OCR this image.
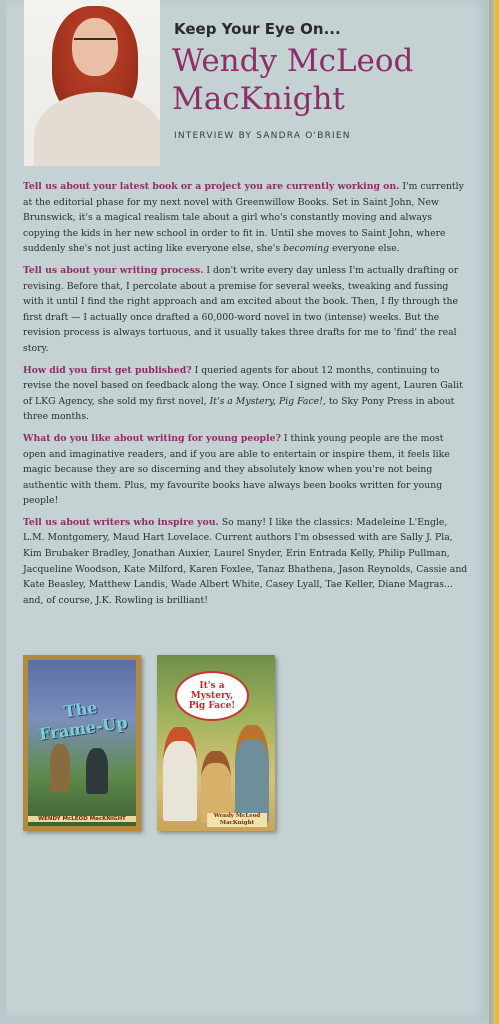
Keep Your Eye On...
Wendy McLeod
MacKnight
INTERVIEW BY SANDRA O'BRIEN

Tell us about your latest book or a project you are currently working on. I'm currently at the editorial phase for my next novel with Greenwillow Books. Set in Saint John, New Brunswick, it's a magical realism tale about a girl who's constantly moving and always copying the kids in her new school in order to fit in. Until she moves to Saint John, where suddenly she's not just acting like everyone else, she's becoming everyone else.

Tell us about your writing process. I don't write every day unless I'm actually drafting or revising. Before that, I percolate about a premise for several weeks, tweaking and fussing with it until I find the right approach and am excited about the book. Then, I fly through the first draft — I actually once drafted a 60,000-word novel in two (intense) weeks. But the revision process is always tortuous, and it usually takes three drafts for me to 'find' the real story.

How did you first get published? I queried agents for about 12 months, continuing to revise the novel based on feedback along the way. Once I signed with my agent, Lauren Galit of LKG Agency, she sold my first novel, It's a Mystery, Pig Face!, to Sky Pony Press in about three months.

What do you like about writing for young people? I think young people are the most open and imaginative readers, and if you are able to entertain or inspire them, it feels like magic because they are so discerning and they absolutely know when you're not being authentic with them. Plus, my favourite books have always been books written for young people!

Tell us about writers who inspire you. So many! I like the classics: Madeleine L'Engle, L.M. Montgomery, Maud Hart Lovelace. Current authors I'm obsessed with are Sally J. Pla, Kim Brubaker Bradley, Jonathan Auxier, Laurel Snyder, Erin Entrada Kelly, Philip Pullman, Jacqueline Woodson, Kate Milford, Karen Foxlee, Tanaz Bhathena, Jason Reynolds, Cassie and Kate Beasley, Matthew Landis, Wade Albert White, Casey Lyall, Tae Keller, Diane Magras... and, of course, J.K. Rowling is brilliant!

The Frame-Up
WENDY McLEOD MacKNIGHT
It's a
Mystery,
Pig Face!
Wendy McLeod MacKnight
